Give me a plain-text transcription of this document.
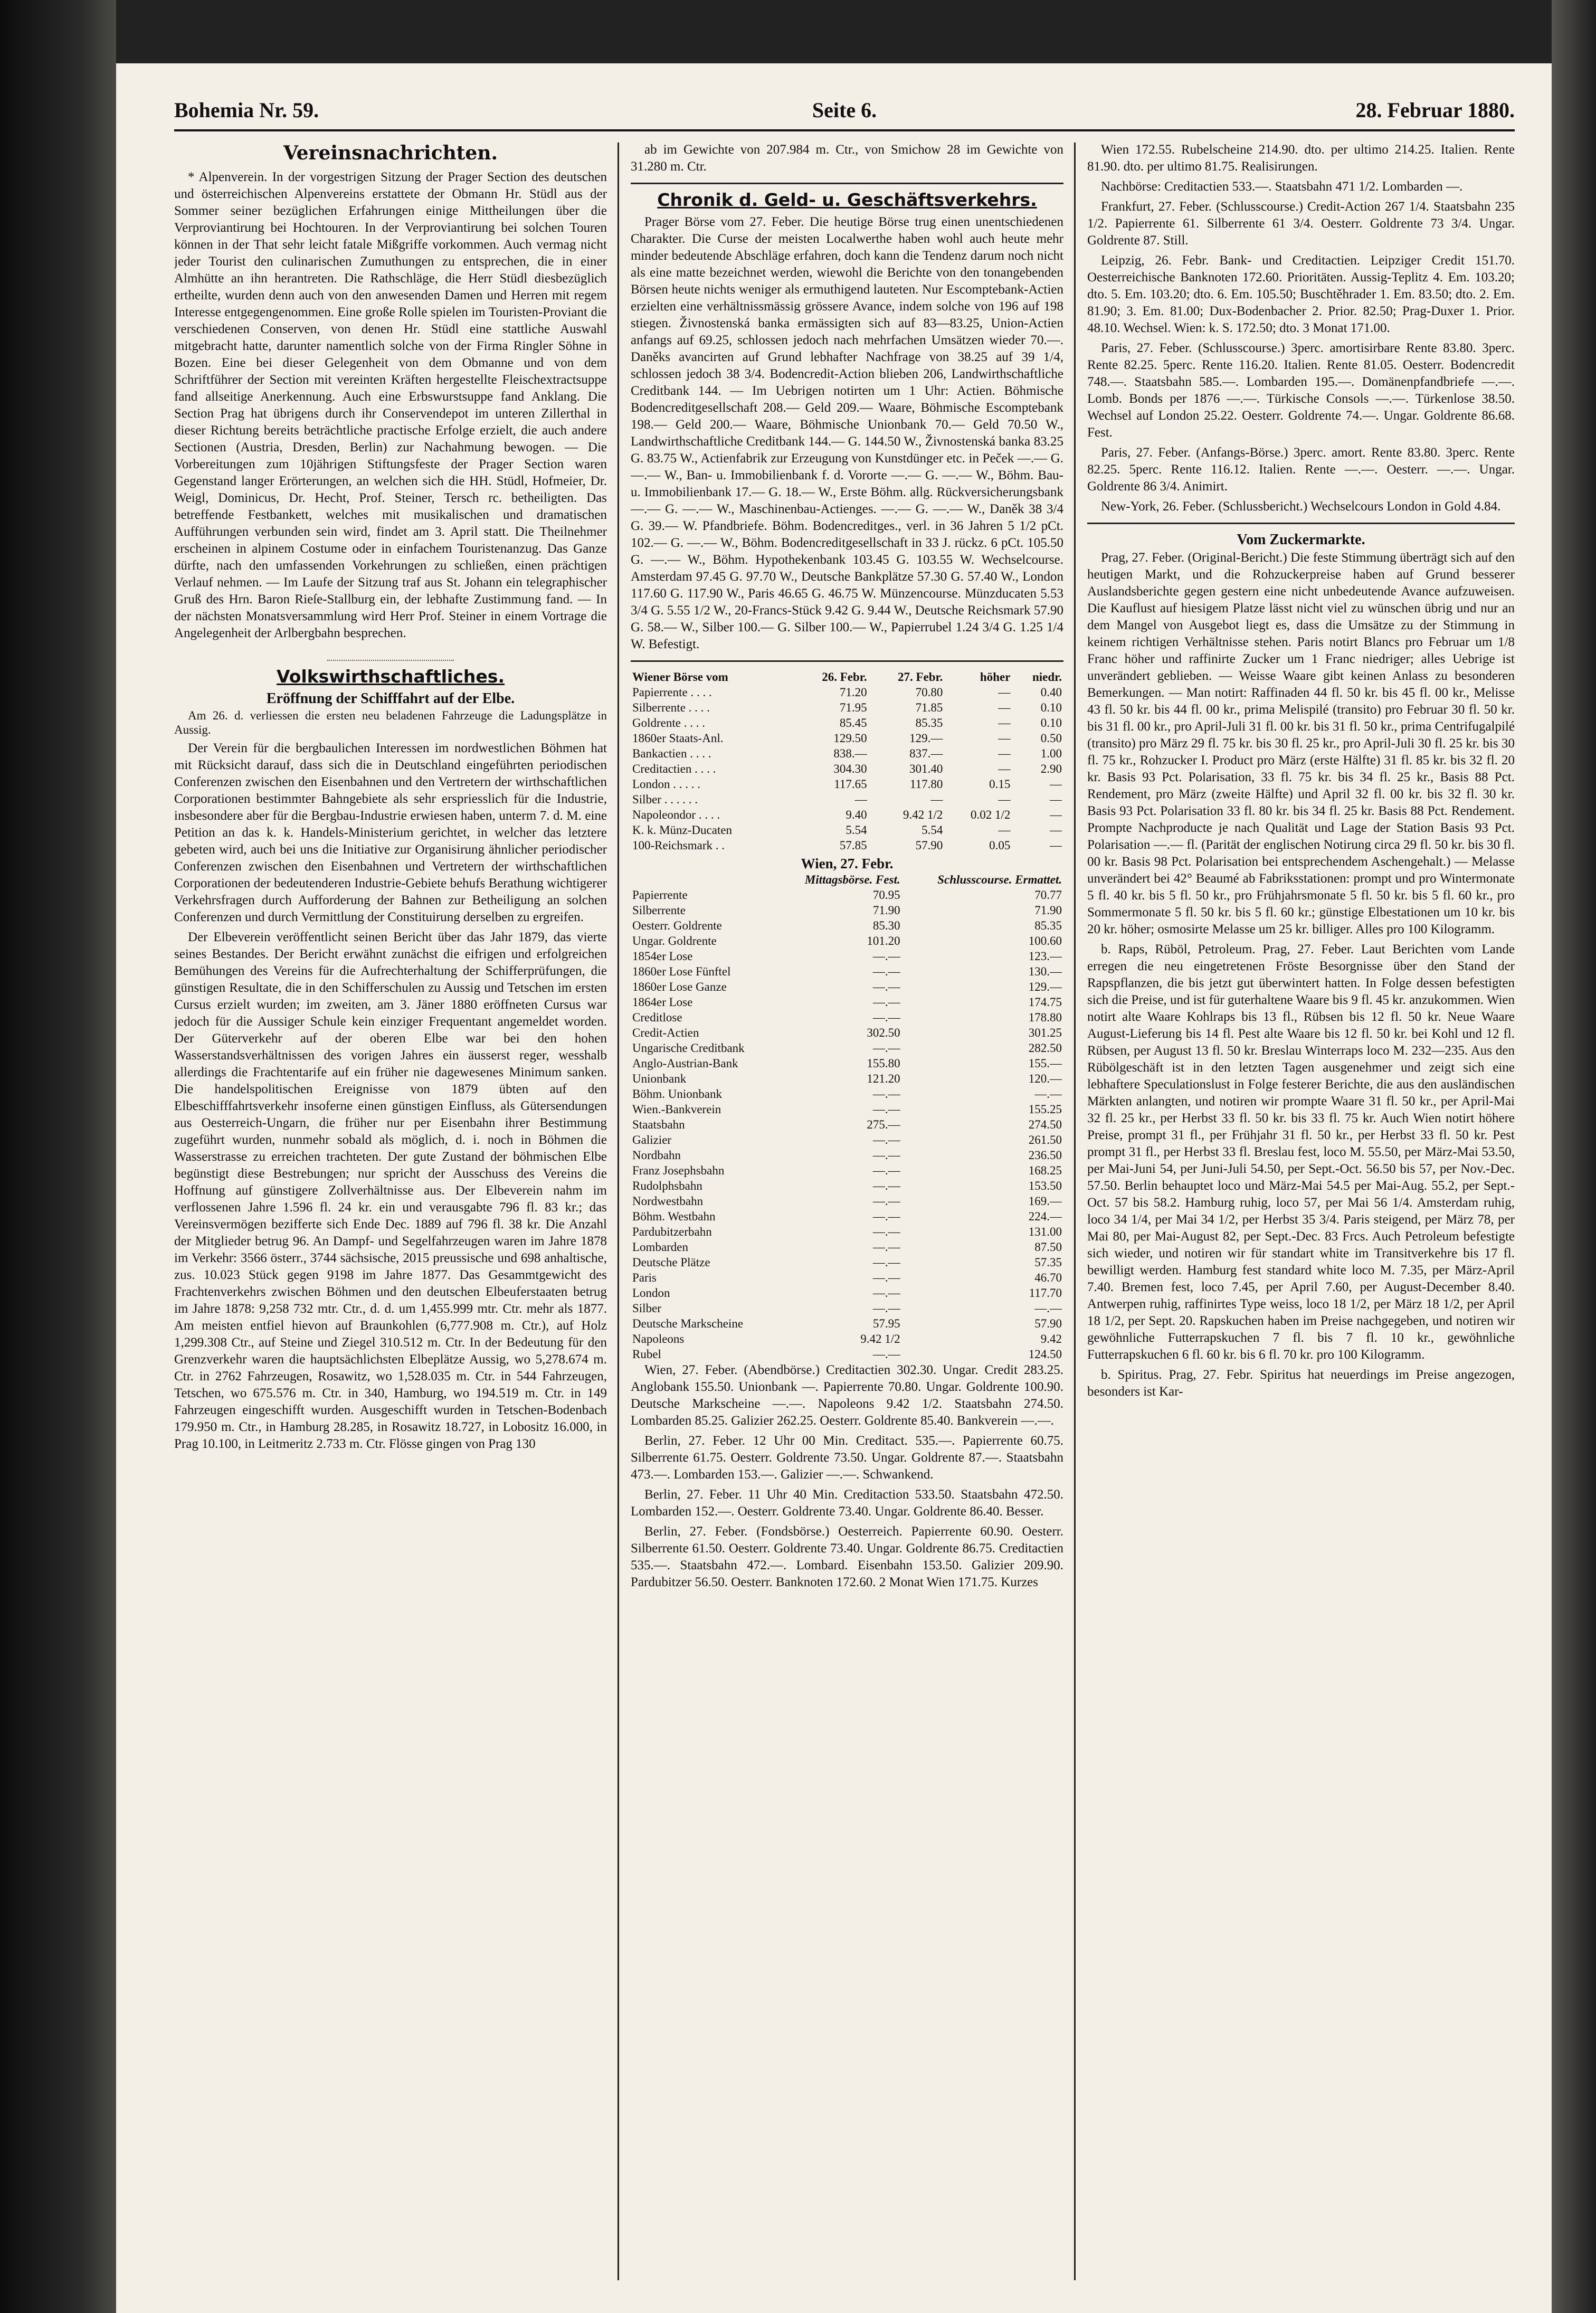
Bohemia Nr. 59.	Seite 6.	28. Februar 1880.
Vereinsnachrichten.

* Alpenverein. In der vorgestrigen Sitzung der Prager Section des deutschen und österreichischen Alpenvereins erstattete der Obmann Hr. Stüdl aus der Sommer seiner bezüglichen Erfahrungen einige Mittheilungen über die Verproviantirung bei Hochtouren. In der Verproviantirung bei solchen Touren können in der That sehr leicht fatale Mißgriffe vorkommen. Auch vermag nicht jeder Tourist den culinarischen Zumuthungen zu entsprechen, die in einer Almhütte an ihn herantreten. Die Rathschläge, die Herr Stüdl diesbezüglich ertheilte, wurden denn auch von den anwesenden Damen und Herren mit regem Interesse entgegengenommen. Eine große Rolle spielen im Touristen-Proviant die verschiedenen Conserven, von denen Hr. Stüdl eine stattliche Auswahl mitgebracht hatte, darunter namentlich solche von der Firma Ringler Söhne in Bozen. Eine bei dieser Gelegenheit von dem Obmanne und von dem Schriftführer der Section mit vereinten Kräften hergestellte Fleischextractsuppe fand allseitige Anerkennung. Auch eine Erbswurstsuppe fand Anklang. Die Section Prag hat übrigens durch ihr Conservendepot im unteren Zillerthal in dieser Richtung bereits beträchtliche practische Erfolge erzielt, die auch andere Sectionen (Austria, Dresden, Berlin) zur Nachahmung bewogen. — Die Vorbereitungen zum 10jährigen Stiftungsfeste der Prager Section waren Gegenstand langer Erörterungen, an welchen sich die HH. Stüdl, Hofmeier, Dr. Weigl, Dominicus, Dr. Hecht, Prof. Steiner, Tersch rc. betheiligten. Das betreffende Festbankett, welches mit musikalischen und dramatischen Aufführungen verbunden sein wird, findet am 3. April statt. Die Theilnehmer erscheinen in alpinem Costume oder in einfachem Touristenanzug. Das Ganze dürfte, nach den umfassenden Vorkehrungen zu schließen, einen prächtigen Verlauf nehmen. — Im Laufe der Sitzung traf aus St. Johann ein telegraphischer Gruß des Hrn. Baron Rieſe-Stallburg ein, der lebhafte Zustimmung fand. — In der nächsten Monatsversammlung wird Herr Prof. Steiner in einem Vortrage die Angelegenheit der Arlbergbahn besprechen.

Volkswirthschaftliches.
Eröffnung der Schifffahrt auf der Elbe.

Am 26. d. verliessen die ersten neu beladenen Fahrzeuge die Ladungsplätze in Aussig.

Der Verein für die bergbaulichen Interessen im nordwestlichen Böhmen hat mit Rücksicht darauf, dass sich die in Deutschland eingeführten periodischen Conferenzen zwischen den Eisenbahnen und den Vertretern der wirthschaftlichen Corporationen bestimmter Bahngebiete als sehr erspriesslich für die Industrie, insbesondere aber für die Bergbau-Industrie erwiesen haben, unterm 7. d. M. eine Petition an das k. k. Handels-Ministerium gerichtet, in welcher das letztere gebeten wird, auch bei uns die Initiative zur Organisirung ähnlicher periodischer Conferenzen zwischen den Eisenbahnen und Vertretern der wirthschaftlichen Corporationen der bedeutenderen Industrie-Gebiete behufs Berathung wichtigerer Verkehrsfragen durch Aufforderung der Bahnen zur Betheiligung an solchen Conferenzen und durch Vermittlung der Constituirung derselben zu ergreifen.

Der Elbeverein veröffentlicht seinen Bericht über das Jahr 1879, das vierte seines Bestandes. Der Bericht erwähnt zunächst die eifrigen und erfolgreichen Bemühungen des Vereins für die Aufrechterhaltung der Schifferprüfungen, die günstigen Resultate, die in den Schifferschulen zu Aussig und Tetschen im ersten Cursus erzielt wurden; im zweiten, am 3. Jäner 1880 eröffneten Cursus war jedoch für die Aussiger Schule kein einziger Frequentant angemeldet worden. Der Güterverkehr auf der oberen Elbe war bei den hohen Wasserstandsverhältnissen des vorigen Jahres ein äusserst reger, wesshalb allerdings die Frachtentarife auf ein früher nie dagewesenes Minimum sanken. Die handelspolitischen Ereignisse von 1879 übten auf den Elbeschifffahrtsverkehr insoferne einen günstigen Einfluss, als Gütersendungen aus Oesterreich-Ungarn, die früher nur per Eisenbahn ihrer Bestimmung zugeführt wurden, nunmehr sobald als möglich, d. i. noch in Böhmen die Wasserstrasse zu erreichen trachteten. Der gute Zustand der böhmischen Elbe begünstigt diese Bestrebungen; nur spricht der Ausschuss des Vereins die Hoffnung auf günstigere Zollverhältnisse aus. Der Elbeverein nahm im verflossenen Jahre 1.596 fl. 24 kr. ein und verausgabte 796 fl. 83 kr.; das Vereinsvermögen bezifferte sich Ende Dec. 1889 auf 796 fl. 38 kr. Die Anzahl der Mitglieder betrug 96. An Dampf- und Segelfahrzeugen waren im Jahre 1878 im Verkehr: 3566 österr., 3744 sächsische, 2015 preussische und 698 anhaltische, zus. 10.023 Stück gegen 9198 im Jahre 1877. Das Gesammtgewicht des Frachtenverkehrs zwischen Böhmen und den deutschen Elbeuferstaaten betrug im Jahre 1878: 9,258 732 mtr. Ctr., d. d. um 1,455.999 mtr. Ctr. mehr als 1877. Am meisten entfiel hievon auf Braunkohlen (6,777.908 m. Ctr.), auf Holz 1,299.308 Ctr., auf Steine und Ziegel 310.512 m. Ctr. In der Bedeutung für den Grenzverkehr waren die hauptsächlichsten Elbeplätze Aussig, wo 5,278.674 m. Ctr. in 2762 Fahrzeugen, Rosawitz, wo 1,528.035 m. Ctr. in 544 Fahrzeugen, Tetschen, wo 675.576 m. Ctr. in 340, Hamburg, wo 194.519 m. Ctr. in 149 Fahrzeugen eingeschifft wurden. Ausgeschifft wurden in Tetschen-Bodenbach 179.950 m. Ctr., in Hamburg 28.285, in Rosawitz 18.727, in Lobositz 16.000, in Prag 10.100, in Leitmeritz 2.733 m. Ctr. Flösse gingen von Prag 130

ab im Gewichte von 207.984 m. Ctr., von Smichow 28 im Gewichte von 31.280 m. Ctr.

Chronik d. Geld- u. Geschäftsverkehrs.

Prager Börse vom 27. Feber. Die heutige Börse trug einen unentschiedenen Charakter. Die Curse der meisten Localwerthe haben wohl auch heute mehr minder bedeutende Abschläge erfahren, doch kann die Tendenz darum noch nicht als eine matte bezeichnet werden, wiewohl die Berichte von den tonangebenden Börsen heute nichts weniger als ermuthigend lauteten. Nur Escomptebank-Actien erzielten eine verhältnissmässig grössere Avance, indem solche von 196 auf 198 stiegen. Živnostenská banka ermässigten sich auf 83—83.25, Union-Actien anfangs auf 69.25, schlossen jedoch nach mehrfachen Umsätzen wieder 70.—. Daněks avancirten auf Grund lebhafter Nachfrage von 38.25 auf 39 1/4, schlossen jedoch 38 3/4. Bodencredit-Action blieben 206, Landwirthschaftliche Creditbank 144. — Im Uebrigen notirten um 1 Uhr: Actien. Böhmische Bodencreditgesellschaft 208.— Geld 209.— Waare, Böhmische Escomptebank 198.— Geld 200.— Waare, Böhmische Unionbank 70.— Geld 70.50 W., Landwirthschaftliche Creditbank 144.— G. 144.50 W., Živnostenská banka 83.25 G. 83.75 W., Actienfabrik zur Erzeugung von Kunstdünger etc. in Peček —.— G. —.— W., Ban- u. Immobilienbank f. d. Vororte —.— G. —.— W., Böhm. Bau- u. Immobilienbank 17.— G. 18.— W., Erste Böhm. allg. Rückversicherungsbank —.— G. —.— W., Maschinenbau-Actienges. —.— G. —.— W., Daněk 38 3/4 G. 39.— W. Pfandbriefe. Böhm. Bodencreditges., verl. in 36 Jahren 5 1/2 pCt. 102.— G. —.— W., Böhm. Bodencreditgesellschaft in 33 J. rückz. 6 pCt. 105.50 G. —.— W., Böhm. Hypothekenbank 103.45 G. 103.55 W. Wechselcourse. Amsterdam 97.45 G. 97.70 W., Deutsche Bankplätze 57.30 G. 57.40 W., London 117.60 G. 117.90 W., Paris 46.65 G. 46.75 W. Münzencourse. Münzducaten 5.53 3/4 G. 5.55 1/2 W., 20-Francs-Stück 9.42 G. 9.44 W., Deutsche Reichsmark 57.90 G. 58.— W., Silber 100.— G. Silber 100.— W., Papierrubel 1.24 3/4 G. 1.25 1/4 W. Befestigt.

Wiener Börse vom	26. Febr.	27. Febr.	höher	niedr.
Papierrente . . . .	71.20	70.80	—	0.40
Silberrente . . . .	71.95	71.85	—	0.10
Goldrente . . . .	85.45	85.35	—	0.10
1860er Staats-Anl.	129.50	129.—	—	0.50
Bankactien . . . .	838.—	837.—	—	1.00
Creditactien . . . .	304.30	301.40	—	2.90
London . . . . .	117.65	117.80	0.15	—
Silber . . . . . .	—	—	—	—
Napoleondor . . . .	9.40	9.42 1/2	0.02 1/2	—
K. k. Münz-Ducaten	5.54	5.54	—	—
100-Reichsmark . .	57.85	57.90	0.05	—
Wien, 27. Febr.
	Mittagsbörse. Fest.	Schlusscourse. Ermattet.
Papierrente	70.95	70.77
Silberrente	71.90	71.90
Oesterr. Goldrente	85.30	85.35
Ungar. Goldrente	101.20	100.60
1854er Lose	—.—	123.—
1860er Lose Fünftel	—.—	130.—
1860er Lose Ganze	—.—	129.—
1864er Lose	—.—	174.75
Creditlose	—.—	178.80
Credit-Actien	302.50	301.25
Ungarische Creditbank	—.—	282.50
Anglo-Austrian-Bank	155.80	155.—
Unionbank	121.20	120.—
Böhm. Unionbank	—.—	—.—
Wien.-Bankverein	—.—	155.25
Staatsbahn	275.—	274.50
Galizier	—.—	261.50
Nordbahn	—.—	236.50
Franz Josephsbahn	—.—	168.25
Rudolphsbahn	—.—	153.50
Nordwestbahn	—.—	169.—
Böhm. Westbahn	—.—	224.—
Pardubitzerbahn	—.—	131.00
Lombarden	—.—	87.50
Deutsche Plätze	—.—	57.35
Paris	—.—	46.70
London	—.—	117.70
Silber	—.—	—.—
Deutsche Markscheine	57.95	57.90
Napoleons	9.42 1/2	9.42
Rubel	—.—	124.50

Wien, 27. Feber. (Abendbörse.) Creditactien 302.30. Ungar. Credit 283.25. Anglobank 155.50. Unionbank —. Papierrente 70.80. Ungar. Goldrente 100.90. Deutsche Markscheine —.—. Napoleons 9.42 1/2. Staatsbahn 274.50. Lombarden 85.25. Galizier 262.25. Oesterr. Goldrente 85.40. Bankverein —.—.

Berlin, 27. Feber. 12 Uhr 00 Min. Creditact. 535.—. Papierrente 60.75. Silberrente 61.75. Oesterr. Goldrente 73.50. Ungar. Goldrente 87.—. Staatsbahn 473.—. Lombarden 153.—. Galizier —.—. Schwankend.

Berlin, 27. Feber. 11 Uhr 40 Min. Creditaction 533.50. Staatsbahn 472.50. Lombarden 152.—. Oesterr. Goldrente 73.40. Ungar. Goldrente 86.40. Besser.

Berlin, 27. Feber. (Fondsbörse.) Oesterreich. Papierrente 60.90. Oesterr. Silberrente 61.50. Oesterr. Goldrente 73.40. Ungar. Goldrente 86.75. Creditactien 535.—. Staatsbahn 472.—. Lombard. Eisenbahn 153.50. Galizier 209.90. Pardubitzer 56.50. Oesterr. Banknoten 172.60. 2 Monat Wien 171.75. Kurzes

Wien 172.55. Rubelscheine 214.90. dto. per ultimo 214.25. Italien. Rente 81.90. dto. per ultimo 81.75. Realisirungen.

Nachbörse: Creditactien 533.—. Staatsbahn 471 1/2. Lombarden —.

Frankfurt, 27. Feber. (Schlusscourse.) Credit-Action 267 1/4. Staatsbahn 235 1/2. Papierrente 61. Silberrente 61 3/4. Oesterr. Goldrente 73 3/4. Ungar. Goldrente 87. Still.

Leipzig, 26. Febr. Bank- und Creditactien. Leipziger Credit 151.70. Oesterreichische Banknoten 172.60. Prioritäten. Aussig-Teplitz 4. Em. 103.20; dto. 5. Em. 103.20; dto. 6. Em. 105.50; Buschtěhrader 1. Em. 83.50; dto. 2. Em. 81.90; 3. Em. 81.00; Dux-Bodenbacher 2. Prior. 82.50; Prag-Duxer 1. Prior. 48.10. Wechsel. Wien: k. S. 172.50; dto. 3 Monat 171.00.

Paris, 27. Feber. (Schlusscourse.) 3perc. amortisirbare Rente 83.80. 3perc. Rente 82.25. 5perc. Rente 116.20. Italien. Rente 81.05. Oesterr. Bodencredit 748.—. Staatsbahn 585.—. Lombarden 195.—. Domänenpfandbriefe —.—. Lomb. Bonds per 1876 —.—. Türkische Consols —.—. Türkenlose 38.50. Wechsel auf London 25.22. Oesterr. Goldrente 74.—. Ungar. Goldrente 86.68. Fest.

Paris, 27. Feber. (Anfangs-Börse.) 3perc. amort. Rente 83.80. 3perc. Rente 82.25. 5perc. Rente 116.12. Italien. Rente —.—. Oesterr. —.—. Ungar. Goldrente 86 3/4. Animirt.

New-York, 26. Feber. (Schlussbericht.) Wechselcours London in Gold 4.84.

Vom Zuckermarkte.

Prag, 27. Feber. (Original-Bericht.) Die feste Stimmung überträgt sich auf den heutigen Markt, und die Rohzuckerpreise haben auf Grund besserer Auslandsberichte gegen gestern eine nicht unbedeutende Avance aufzuweisen. Die Kauflust auf hiesigem Platze lässt nicht viel zu wünschen übrig und nur an dem Mangel von Ausgebot liegt es, dass die Umsätze zu der Stimmung in keinem richtigen Verhältnisse stehen. Paris notirt Blancs pro Februar um 1/8 Franc höher und raffinirte Zucker um 1 Franc niedriger; alles Uebrige ist unverändert geblieben. — Weisse Waare gibt keinen Anlass zu besonderen Bemerkungen. — Man notirt: Raffinaden 44 fl. 50 kr. bis 45 fl. 00 kr., Melisse 43 fl. 50 kr. bis 44 fl. 00 kr., prima Melispilé (transito) pro Februar 30 fl. 50 kr. bis 31 fl. 00 kr., pro April-Juli 31 fl. 00 kr. bis 31 fl. 50 kr., prima Centrifugalpilé (transito) pro März 29 fl. 75 kr. bis 30 fl. 25 kr., pro April-Juli 30 fl. 25 kr. bis 30 fl. 75 kr., Rohzucker I. Product pro März (erste Hälfte) 31 fl. 85 kr. bis 32 fl. 20 kr. Basis 93 Pct. Polarisation, 33 fl. 75 kr. bis 34 fl. 25 kr., Basis 88 Pct. Rendement, pro März (zweite Hälfte) und April 32 fl. 00 kr. bis 32 fl. 30 kr. Basis 93 Pct. Polarisation 33 fl. 80 kr. bis 34 fl. 25 kr. Basis 88 Pct. Rendement. Prompte Nachproducte je nach Qualität und Lage der Station Basis 93 Pct. Polarisation —.— fl. (Parität der englischen Notirung circa 29 fl. 50 kr. bis 30 fl. 00 kr. Basis 98 Pct. Polarisation bei entsprechendem Aschengehalt.) — Melasse unverändert bei 42° Beaumé ab Fabriksstationen: prompt und pro Wintermonate 5 fl. 40 kr. bis 5 fl. 50 kr., pro Frühjahrsmonate 5 fl. 50 kr. bis 5 fl. 60 kr., pro Sommermonate 5 fl. 50 kr. bis 5 fl. 60 kr.; günstige Elbestationen um 10 kr. bis 20 kr. höher; osmosirte Melasse um 25 kr. billiger. Alles pro 100 Kilogramm.

b. Raps, Rüböl, Petroleum. Prag, 27. Feber. Laut Berichten vom Lande erregen die neu eingetretenen Fröste Besorgnisse über den Stand der Rapspflanzen, die bis jetzt gut überwintert hatten. In Folge dessen befestigten sich die Preise, und ist für guterhaltene Waare bis 9 fl. 45 kr. anzukommen. Wien notirt alte Waare Kohlraps bis 13 fl., Rübsen bis 12 fl. 50 kr. Neue Waare August-Lieferung bis 14 fl. Pest alte Waare bis 12 fl. 50 kr. bei Kohl und 12 fl. Rübsen, per August 13 fl. 50 kr. Breslau Winterraps loco M. 232—235. Aus den Rübölgeschäft ist in den letzten Tagen ausgenehmer und zeigt sich eine lebhaftere Speculationslust in Folge festerer Berichte, die aus den ausländischen Märkten anlangten, und notiren wir prompte Waare 31 fl. 50 kr., per April-Mai 32 fl. 25 kr., per Herbst 33 fl. 50 kr. bis 33 fl. 75 kr. Auch Wien notirt höhere Preise, prompt 31 fl., per Frühjahr 31 fl. 50 kr., per Herbst 33 fl. 50 kr. Pest prompt 31 fl., per Herbst 33 fl. Breslau fest, loco M. 55.50, per März-Mai 53.50, per Mai-Juni 54, per Juni-Juli 54.50, per Sept.-Oct. 56.50 bis 57, per Nov.-Dec. 57.50. Berlin behauptet loco und März-Mai 54.5 per Mai-Aug. 55.2, per Sept.-Oct. 57 bis 58.2. Hamburg ruhig, loco 57, per Mai 56 1/4. Amsterdam ruhig, loco 34 1/4, per Mai 34 1/2, per Herbst 35 3/4. Paris steigend, per März 78, per Mai 80, per Mai-August 82, per Sept.-Dec. 83 Frcs. Auch Petroleum befestigte sich wieder, und notiren wir für standart white im Transitverkehre bis 17 fl. bewilligt werden. Hamburg fest standard white loco M. 7.35, per März-April 7.40. Bremen fest, loco 7.45, per April 7.60, per August-December 8.40. Antwerpen ruhig, raffinirtes Type weiss, loco 18 1/2, per März 18 1/2, per April 18 1/2, per Sept. 20. Rapskuchen haben im Preise nachgegeben, und notiren wir gewöhnliche Futterrapskuchen 7 fl. bis 7 fl. 10 kr., gewöhnliche Futterrapskuchen 6 fl. 60 kr. bis 6 fl. 70 kr. pro 100 Kilogramm.

b. Spiritus. Prag, 27. Febr. Spiritus hat neuerdings im Preise angezogen, besonders ist Kar-
